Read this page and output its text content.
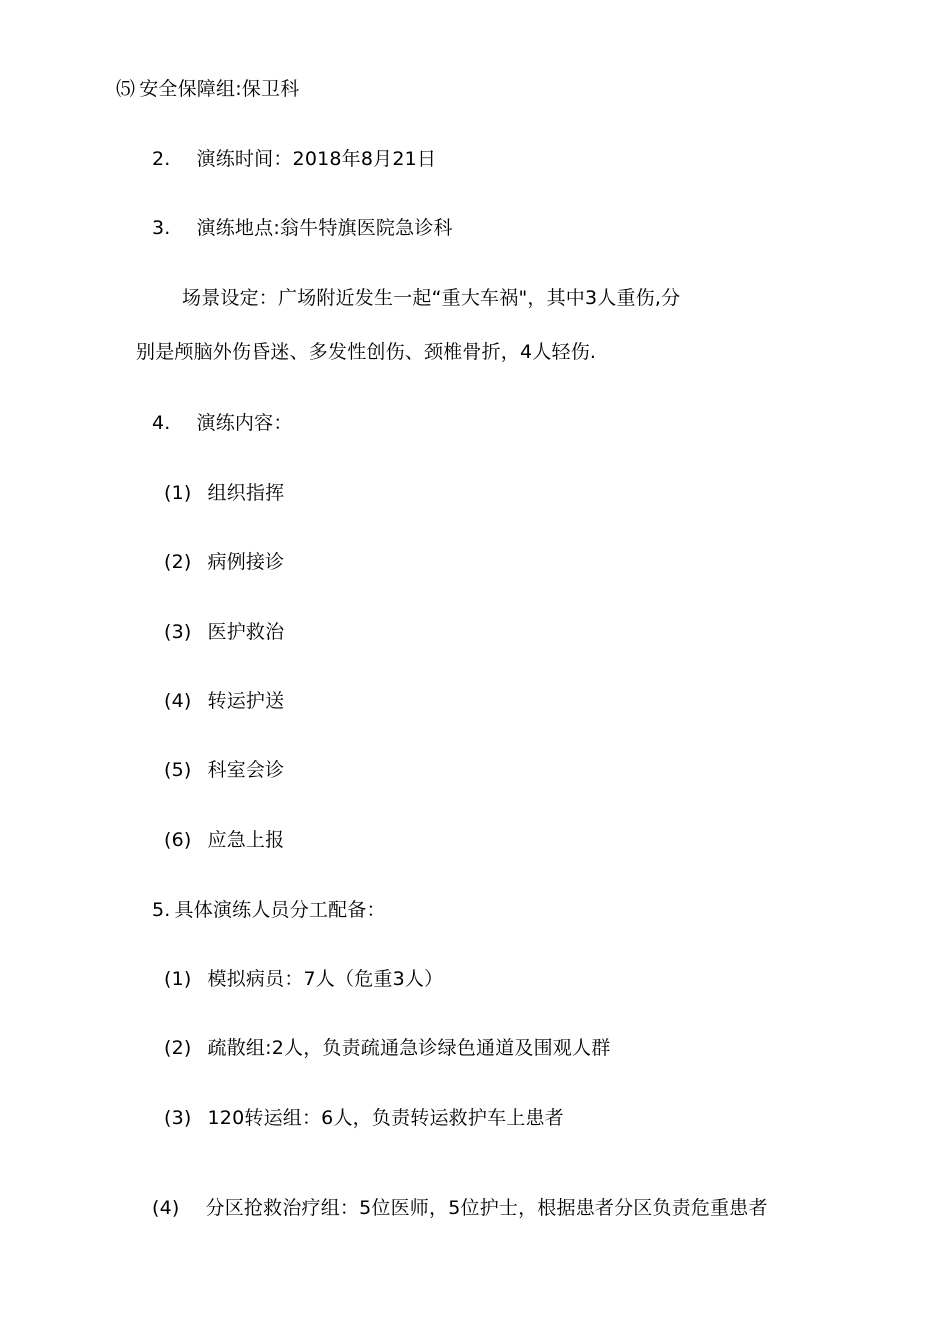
⑸ 安全保障组:保卫科
2. 演练时间：2018年8月21日
3. 演练地点:翁牛特旗医院急诊科
场景设定：广场附近发生一起“重大车祸"，其中3人重伤,分
别是颅脑外伤昏迷、多发性创伤、颈椎骨折，4人轻伤.
4. 演练内容：
(1) 组织指挥
(2) 病例接诊
(3) 医护救治
(4) 转运护送
(5) 科室会诊
(6) 应急上报
5. 具体演练人员分工配备：
(1) 模拟病员：7人（危重3人）
(2) 疏散组:2人，负责疏通急诊绿色通道及围观人群
(3) 120转运组：6人，负责转运救护车上患者
(4) 分区抢救治疗组：5位医师，5位护士，根据患者分区负责危重患者
